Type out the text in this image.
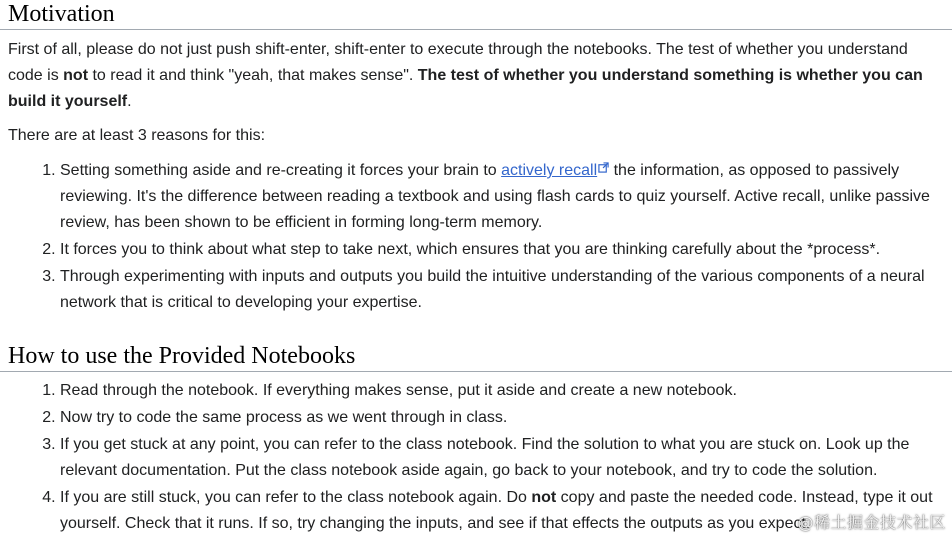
Motivation

First of all, please do not just push shift-enter, shift-enter to execute through the notebooks. The test of whether you understand code is not to read it and think "yeah, that makes sense". The test of whether you understand something is whether you can build it yourself.

There are at least 3 reasons for this:

1. Setting something aside and re-creating it forces your brain to actively recall the information, as opposed to passively reviewing. It's the difference between reading a textbook and using flash cards to quiz yourself. Active recall, unlike passive review, has been shown to be efficient in forming long-term memory.
2. It forces you to think about what step to take next, which ensures that you are thinking carefully about the *process*.
3. Through experimenting with inputs and outputs you build the intuitive understanding of the various components of a neural network that is critical to developing your expertise.
How to use the Provided Notebooks
1. Read through the notebook. If everything makes sense, put it aside and create a new notebook.
2. Now try to code the same process as we went through in class.
3. If you get stuck at any point, you can refer to the class notebook. Find the solution to what you are stuck on. Look up the relevant documentation. Put the class notebook aside again, go back to your notebook, and try to code the solution.
4. If you are still stuck, you can refer to the class notebook again. Do not copy and paste the needed code. Instead, type it out yourself. Check that it runs. If so, try changing the inputs, and see if that effects the outputs as you expect.
@稀土掘金技术社区
